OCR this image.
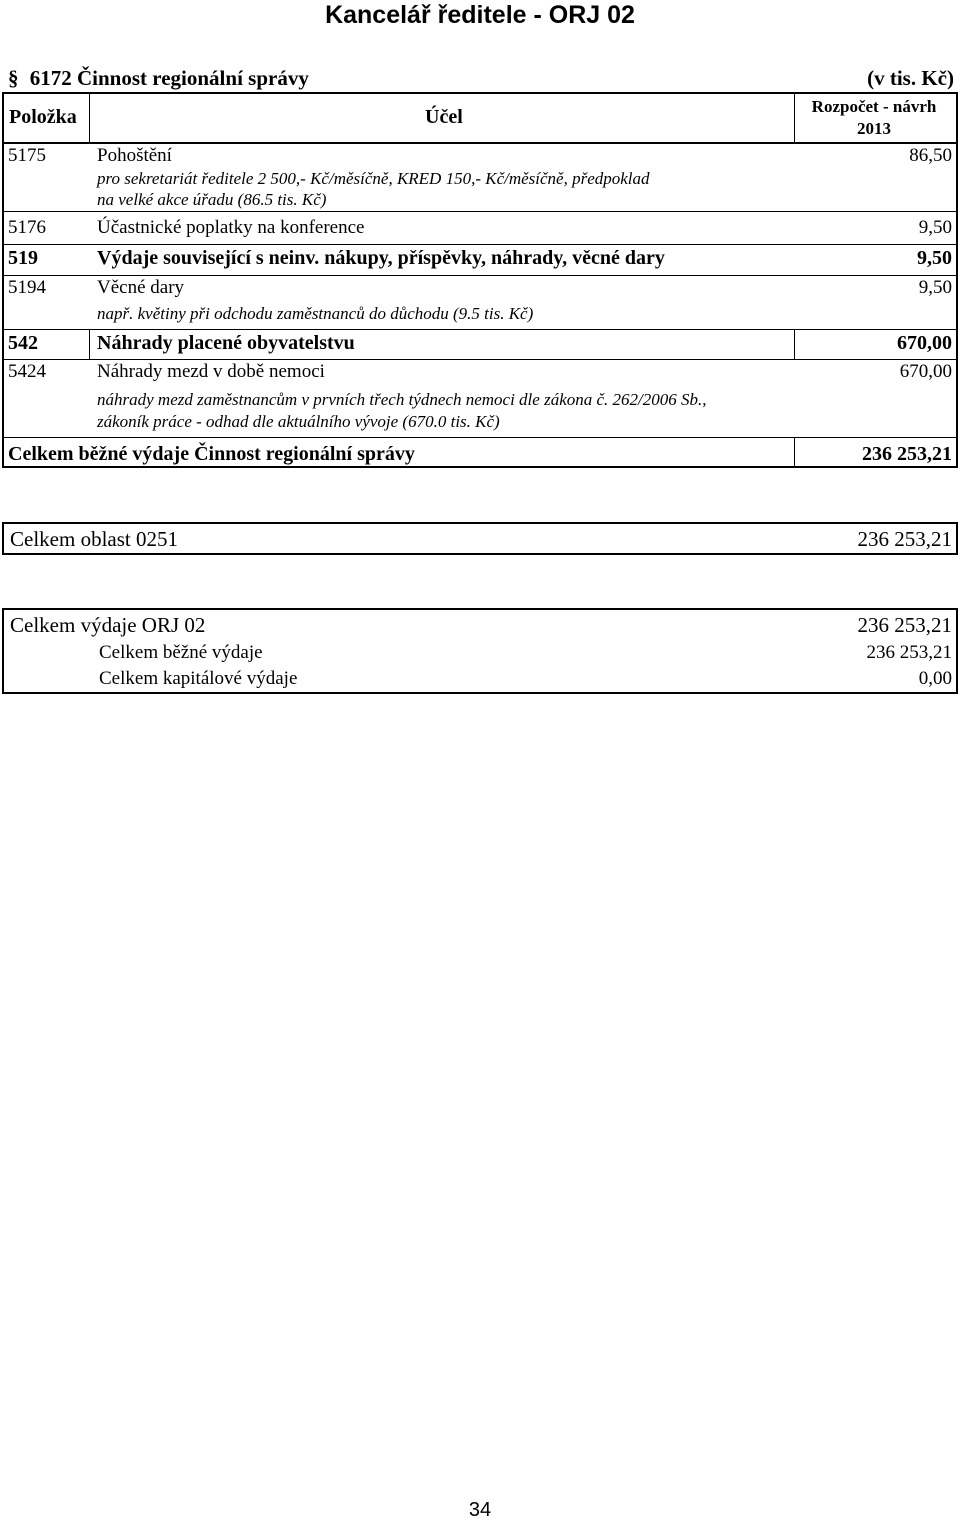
Kancelář ředitele - ORJ 02
§ 6172 Činnost regionální správy	(v tis. Kč)
Položka	Účel	Rozpočet - návrh
2013
5175	Pohoštění	86,50
pro sekretariát ředitele 2 500,- Kč/měsíčně, KRED 150,- Kč/měsíčně, předpoklad
na velké akce úřadu (86.5 tis. Kč)
5176	Účastnické poplatky na konference	9,50
519	Výdaje související s neinv. nákupy, příspěvky, náhrady, věcné dary	9,50
5194	Věcné dary	9,50
např. květiny při odchodu zaměstnanců do důchodu (9.5 tis. Kč)
542	Náhrady placené obyvatelstvu	670,00
5424	Náhrady mezd v době nemoci	670,00
náhrady mezd zaměstnancům v prvních třech týdnech nemoci dle zákona č. 262/2006 Sb.,
zákoník práce - odhad dle aktuálního vývoje (670.0 tis. Kč)
Celkem běžné výdaje Činnost regionální správy	236 253,21
Celkem oblast 0251	236 253,21
Celkem výdaje ORJ 02	236 253,21
Celkem běžné výdaje	236 253,21
Celkem kapitálové výdaje	0,00
34
